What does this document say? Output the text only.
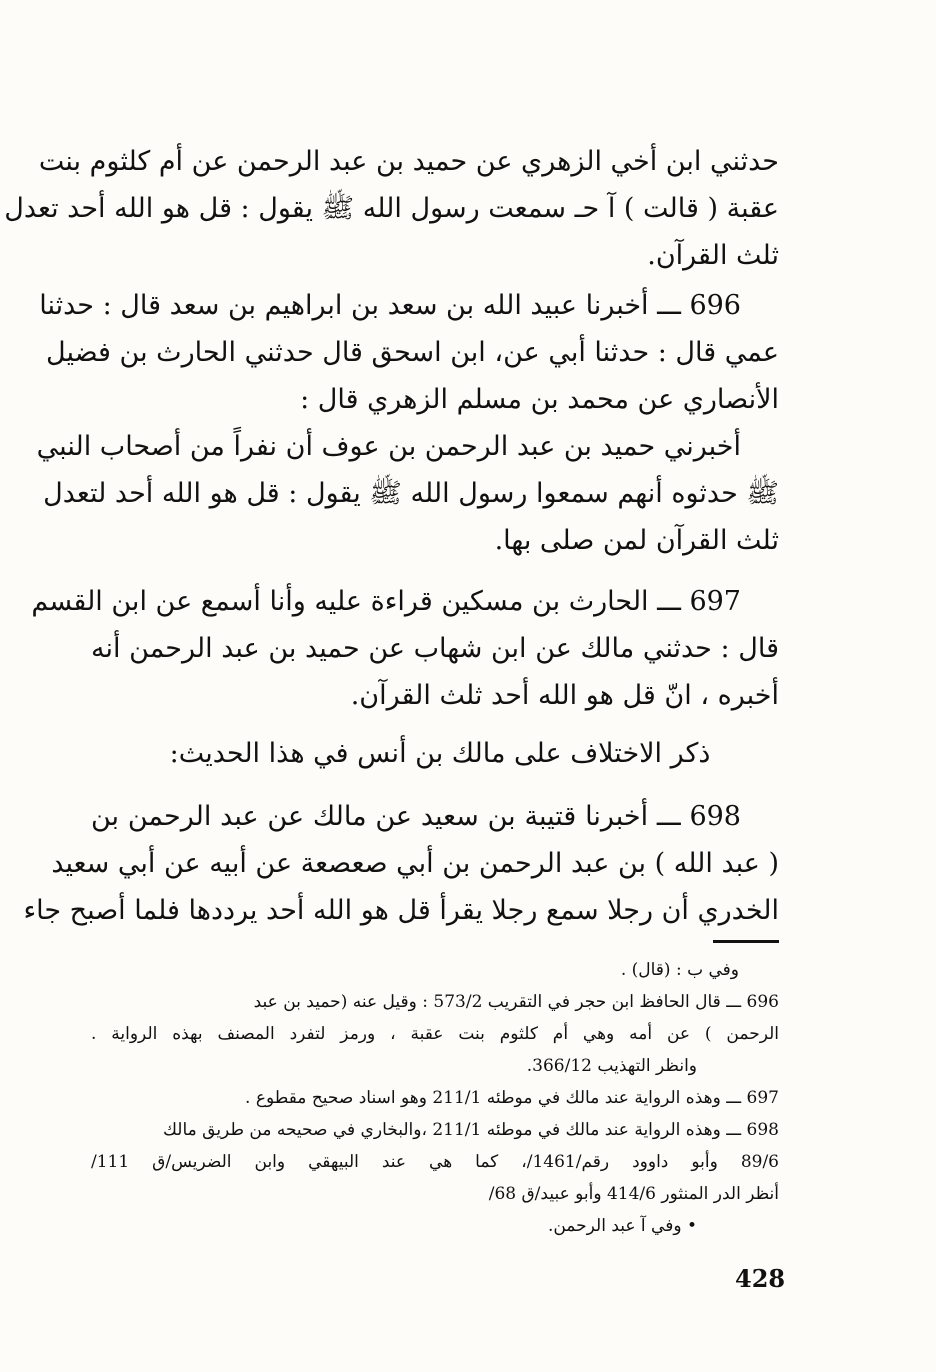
حدثني ابن أخي الزهري عن حميد بن عبد الرحمن عن أم كلثوم بنت
عقبة ( قالت ) آ حـ سمعت رسول الله ﷺ يقول : قل هو الله أحد تعدل
ثلث القرآن.
696 ـــ أخبرنا عبيد الله بن سعد بن ابراهيم بن سعد قال : حدثنا
عمي قال : حدثنا أبي عن، ابن اسحق قال حدثني الحارث بن فضيل
الأنصاري عن محمد بن مسلم الزهري قال :
أخبرني حميد بن عبد الرحمن بن عوف أن نفراً من أصحاب النبي
ﷺ حدثوه أنهم سمعوا رسول الله ﷺ يقول : قل هو الله أحد لتعدل
ثلث القرآن لمن صلى بها.
697 ـــ الحارث بن مسكين قراءة عليه وأنا أسمع عن ابن القسم
قال : حدثني مالك عن ابن شهاب عن حميد بن عبد الرحمن أنه
أخبره ، انّ قل هو الله أحد ثلث القرآن.
ذكر الاختلاف على مالك بن أنس في هذا الحديث:
698 ـــ أخبرنا قتيبة بن سعيد عن مالك عن عبد الرحمن بن
( عبد الله ) بن عبد الرحمن بن أبي صعصعة عن أبيه عن أبي سعيد
الخدري أن رجلا سمع رجلا يقرأ قل هو الله أحد يرددها فلما أصبح جاء
وفي ب : (قال) .
696 ـــ قال الحافظ ابن حجر في التقريب 573/2 : وقيل عنه (حميد بن عبد
الرحمن ) عن أمه وهي أم كلثوم بنت عقبة ، ورمز لتفرد المصنف بهذه الرواية .
وانظر التهذيب 366/12.
697 ـــ وهذه الرواية عند مالك في موطئه 211/1 وهو اسناد صحيح مقطوع .
698 ـــ وهذه الرواية عند مالك في موطئه 211/1 ،والبخاري في صحيحه من طريق مالك
89/6 وأبو داوود رقم/1461/، كما هي عند البيهقي وابن الضريس/ق 111/
أنظر الدر المنثور 414/6 وأبو عبيد/ق 68/
• وفي آ عبد الرحمن.
428
